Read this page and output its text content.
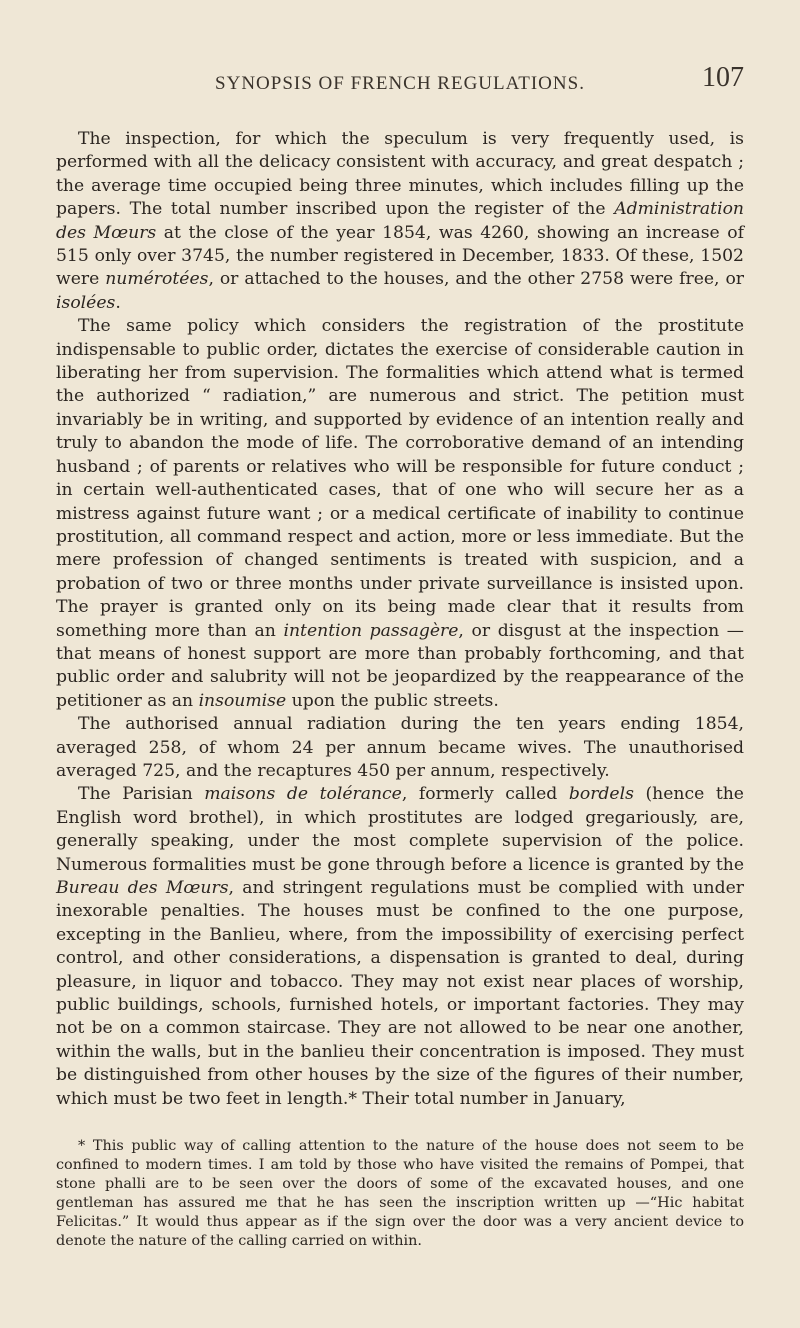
SYNOPSIS OF FRENCH REGULATIONS.	107

The inspection, for which the speculum is very frequently used, is performed with all the delicacy consistent with accuracy, and great despatch ; the average time occupied being three minutes, which includes filling up the papers. The total number inscribed upon the register of the Administration des Mœurs at the close of the year 1854, was 4260, showing an increase of 515 only over 3745, the number registered in December, 1833. Of these, 1502 were numérotées, or attached to the houses, and the other 2758 were free, or isolées.

The same policy which considers the registration of the prostitute indispensable to public order, dictates the exercise of considerable caution in liberating her from supervision. The formalities which attend what is termed the authorized “ radiation,” are numerous and strict. The petition must invariably be in writing, and supported by evidence of an intention really and truly to abandon the mode of life. The corroborative demand of an intending husband ; of parents or relatives who will be responsible for future conduct ; in certain well-authenticated cases, that of one who will secure her as a mistress against future want ; or a medical certificate of inability to continue prostitution, all command respect and action, more or less immediate. But the mere profession of changed sentiments is treated with suspicion, and a probation of two or three months under private surveillance is insisted upon. The prayer is granted only on its being made clear that it results from something more than an intention passagère, or disgust at the inspection —that means of honest support are more than probably forthcoming, and that public order and salubrity will not be jeopardized by the reappearance of the petitioner as an insoumise upon the public streets.

The authorised annual radiation during the ten years ending 1854, averaged 258, of whom 24 per annum became wives. The unauthorised averaged 725, and the recaptures 450 per annum, respectively.

The Parisian maisons de tolérance, formerly called bordels (hence the English word brothel), in which prostitutes are lodged gregariously, are, generally speaking, under the most complete supervision of the police. Numerous formalities must be gone through before a licence is granted by the Bureau des Mœurs, and stringent regulations must be complied with under inexorable penalties. The houses must be confined to the one purpose, excepting in the Banlieu, where, from the impossibility of exercising perfect control, and other considerations, a dispensation is granted to deal, during pleasure, in liquor and tobacco. They may not exist near places of worship, public buildings, schools, furnished hotels, or important factories. They may not be on a common staircase. They are not allowed to be near one another, within the walls, but in the banlieu their concentration is imposed. They must be distinguished from other houses by the size of the figures of their number, which must be two feet in length.* Their total number in January,

* This public way of calling attention to the nature of the house does not seem to be confined to modern times. I am told by those who have visited the remains of Pompei, that stone phalli are to be seen over the doors of some of the excavated houses, and one gentleman has assured me that he has seen the inscription written up —“Hic habitat Felicitas.” It would thus appear as if the sign over the door was a very ancient device to denote the nature of the calling carried on within.
